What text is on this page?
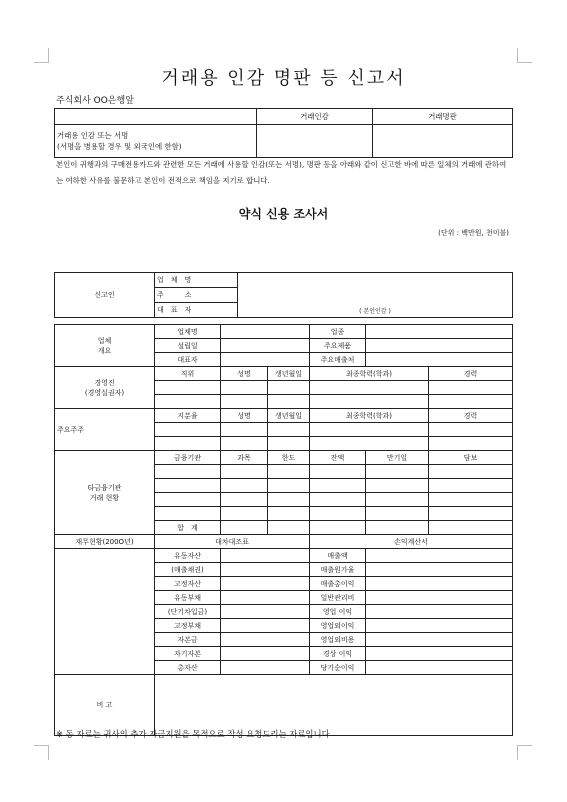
거래용 인감 명판 등 신고서
주식회사 OO은행앞
	거래인감	거래명판

거래용 인감 또는 서명
(서명을 병용할 경우 및 외국인에 한함)		

본인이 귀행과의 구매전용카드와 관련한 모든 거래에 사용할 인감(또는 서명), 명판 등을 아래와 같이 신고한 바에 따른 일체의 거래에 관하여는 여하한 사유를 불문하고 본인이 전적으로 책임을 지기로 합니다.
약식 신용 조사서
(단위 : 백만원, 천미불)
신고인	업　체　명	( 본인인감 )
주　　　소
대　표　자
업체
개요	업체명			업종		
	설립일			주요제품		
	대표자			주요매출처		

경영진
(경영실권자)	직위	성명	생년월일	최종학력(학과)		경력

주요주주	지분율	성명	생년월일	최종학력(학과)		경력

타금융기관
거래 현황	금융기관	과목	한도	잔액	만기일	담보

	합　계					
재무현황(200O년)	대차대조표			손익계산서		
	유동자산			매출액		
	(매출채권)			매출원가율		
	고정자산			매출총이익		
	유동부채			일반관리비		
	(단기차입금)			영업 이익		
	고정부채			영업외이익		
	자본금			영업외비용		
	자기자본			경상 이익		
	총자산			당기순이익		
비 고						
※ 동 자료는 귀사의 추가 자금지원을 목적으로 작성 요청드리는 자료입니다
